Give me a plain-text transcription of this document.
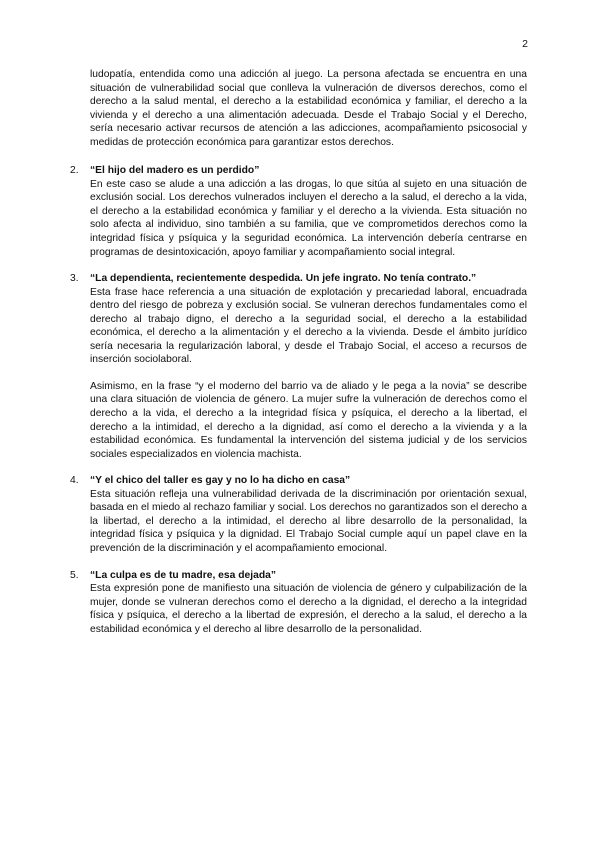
2

ludopatía, entendida como una adicción al juego. La persona afectada se encuentra en una situación de vulnerabilidad social que conlleva la vulneración de diversos derechos, como el derecho a la salud mental, el derecho a la estabilidad económica y familiar, el derecho a la vivienda y el derecho a una alimentación adecuada. Desde el Trabajo Social y el Derecho, sería necesario activar recursos de atención a las adicciones, acompañamiento psicosocial y medidas de protección económica para garantizar estos derechos.

2. “El hijo del madero es un perdido”

En este caso se alude a una adicción a las drogas, lo que sitúa al sujeto en una situación de exclusión social. Los derechos vulnerados incluyen el derecho a la salud, el derecho a la vida, el derecho a la estabilidad económica y familiar y el derecho a la vivienda. Esta situación no solo afecta al individuo, sino también a su familia, que ve comprometidos derechos como la integridad física y psíquica y la seguridad económica. La intervención debería centrarse en programas de desintoxicación, apoyo familiar y acompañamiento social integral.

3. “La dependienta, recientemente despedida. Un jefe ingrato. No tenía contrato.”

Esta frase hace referencia a una situación de explotación y precariedad laboral, encuadrada dentro del riesgo de pobreza y exclusión social. Se vulneran derechos fundamentales como el derecho al trabajo digno, el derecho a la seguridad social, el derecho a la estabilidad económica, el derecho a la alimentación y el derecho a la vivienda. Desde el ámbito jurídico sería necesaria la regularización laboral, y desde el Trabajo Social, el acceso a recursos de inserción sociolaboral.

Asimismo, en la frase “y el moderno del barrio va de aliado y le pega a la novia” se describe una clara situación de violencia de género. La mujer sufre la vulneración de derechos como el derecho a la vida, el derecho a la integridad física y psíquica, el derecho a la libertad, el derecho a la intimidad, el derecho a la dignidad, así como el derecho a la vivienda y a la estabilidad económica. Es fundamental la intervención del sistema judicial y de los servicios sociales especializados en violencia machista.

4. “Y el chico del taller es gay y no lo ha dicho en casa”

Esta situación refleja una vulnerabilidad derivada de la discriminación por orientación sexual, basada en el miedo al rechazo familiar y social. Los derechos no garantizados son el derecho a la libertad, el derecho a la intimidad, el derecho al libre desarrollo de la personalidad, la integridad física y psíquica y la dignidad. El Trabajo Social cumple aquí un papel clave en la prevención de la discriminación y el acompañamiento emocional.

5. “La culpa es de tu madre, esa dejada”

Esta expresión pone de manifiesto una situación de violencia de género y culpabilización de la mujer, donde se vulneran derechos como el derecho a la dignidad, el derecho a la integridad física y psíquica, el derecho a la libertad de expresión, el derecho a la salud, el derecho a la estabilidad económica y el derecho al libre desarrollo de la personalidad.
